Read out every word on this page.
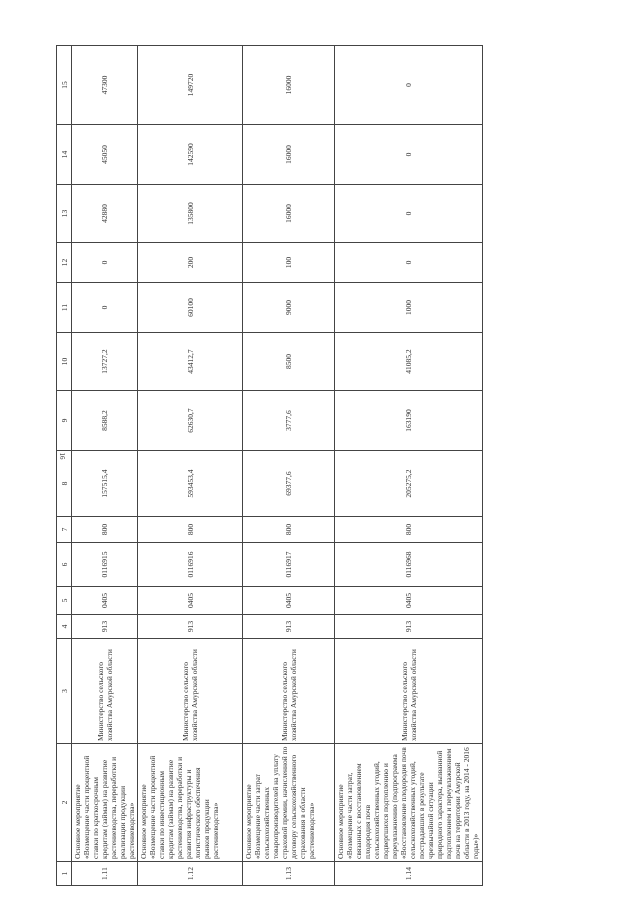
16
1	2	3	4	5	6	7	8	9	10	11	12	13	14	15
1.11	Основное мероприятие «Возмещение части процентной ставки по краткосрочным кредитам (займам) на развитие растениеводства, переработки и реализации продукции растениеводства»	Министерство сельского хозяйства Амурской области	913	0405	0116915	800	157515,4	8588,2	13727,2	0	0	42880	45050	47300
1.12	Основное мероприятие «Возмещение части процентной ставки по инвестиционным кредитам (займам) на развитие растениеводства, переработки и развития инфраструктуры и логистического обеспечения рынков продукции растениеводства»	Министерство сельского хозяйства Амурской области	913	0405	0116916	800	593453,4	62630,7	43412,7	60100	200	135800	142590	149720
1.13	Основное мероприятие «Возмещение части затрат сельскохозяйственных товаропроизводителей на уплату страховой премии, начисленной по договору сельскохозяйственного страхования в области растениеводства»	Министерство сельского хозяйства Амурской области	913	0405	0116917	800	69377,6	3777,6	8500	9000	100	16000	16000	16000
1.14	Основное мероприятие «Возмещение части затрат, связанных с восстановлением плодородия почв сельскохозяйственных угодий, подвергшихся подтоплению и переувлажнению (подпрограмма «Восстановление плодородия почв сельскохозяйственных угодий, пострадавших в результате чрезвычайной ситуации природного характера, вызванной подтоплением и переувлажнением почв на территории Амурской области в 2013 году, на 2014 - 2016 годы»)»	Министерство сельского хозяйства Амурской области	913	0405	0116968	800	205275,2	163190	41085,2	1000	0	0	0	0
